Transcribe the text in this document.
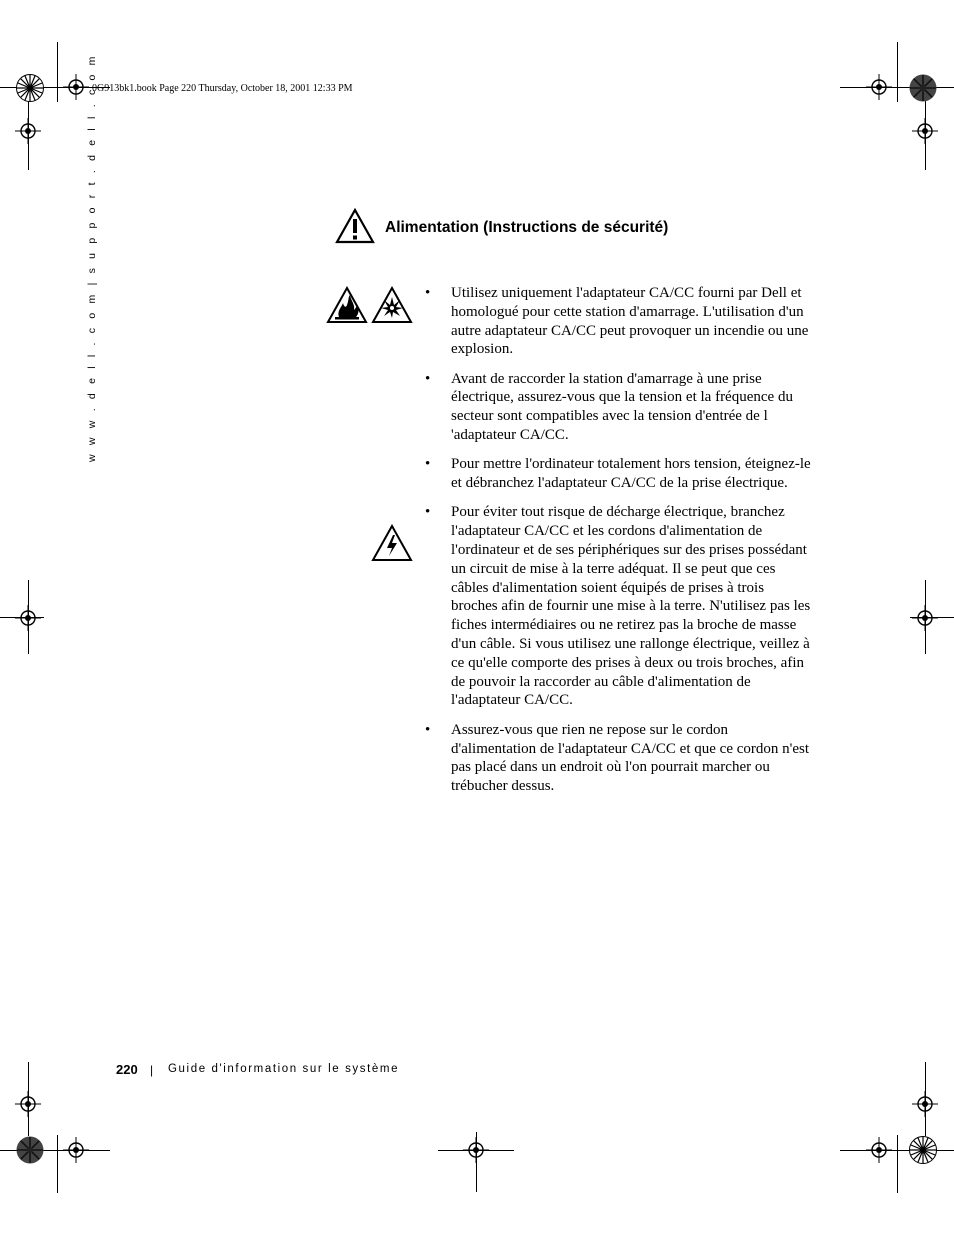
0G913bk1.book Page 220 Thursday, October 18, 2001 12:33 PM
w w w . d e l l . c o m | s u p p o r t . d e l l . c o m	Alimentation (Instructions de sécurité)
• Utilisez uniquement l'adaptateur CA/CC fourni par Dell et homologué pour cette station d'amarrage. L'utilisation d'un autre adaptateur CA/CC peut provoquer un incendie ou une explosion.
• Avant de raccorder la station d'amarrage à une prise électrique, assurez-vous que la tension et la fréquence du secteur sont compatibles avec la tension d'entrée de l 'adaptateur CA/CC.
• Pour mettre l'ordinateur totalement hors tension, éteignez-le et débranchez l'adaptateur CA/CC de la prise électrique.
• Pour éviter tout risque de décharge électrique, branchez l'adaptateur CA/CC et les cordons d'alimentation de l'ordinateur et de ses périphériques sur des prises possédant un circuit de mise à la terre adéquat. Il se peut que ces câbles d'alimentation soient équipés de prises à trois broches afin de fournir une mise à la terre. N'utilisez pas les fiches intermédiaires ou ne retirez pas la broche de masse d'un câble. Si vous utilisez une rallonge électrique, veillez à ce qu'elle comporte des prises à deux ou trois broches, afin de pouvoir la raccorder au câble d'alimentation de l'adaptateur CA/CC.
• Assurez-vous que rien ne repose sur le cordon d'alimentation de l'adaptateur CA/CC et que ce cordon n'est pas placé dans un endroit où l'on pourrait marcher ou trébucher dessus.
220 | Guide d'information sur le système
